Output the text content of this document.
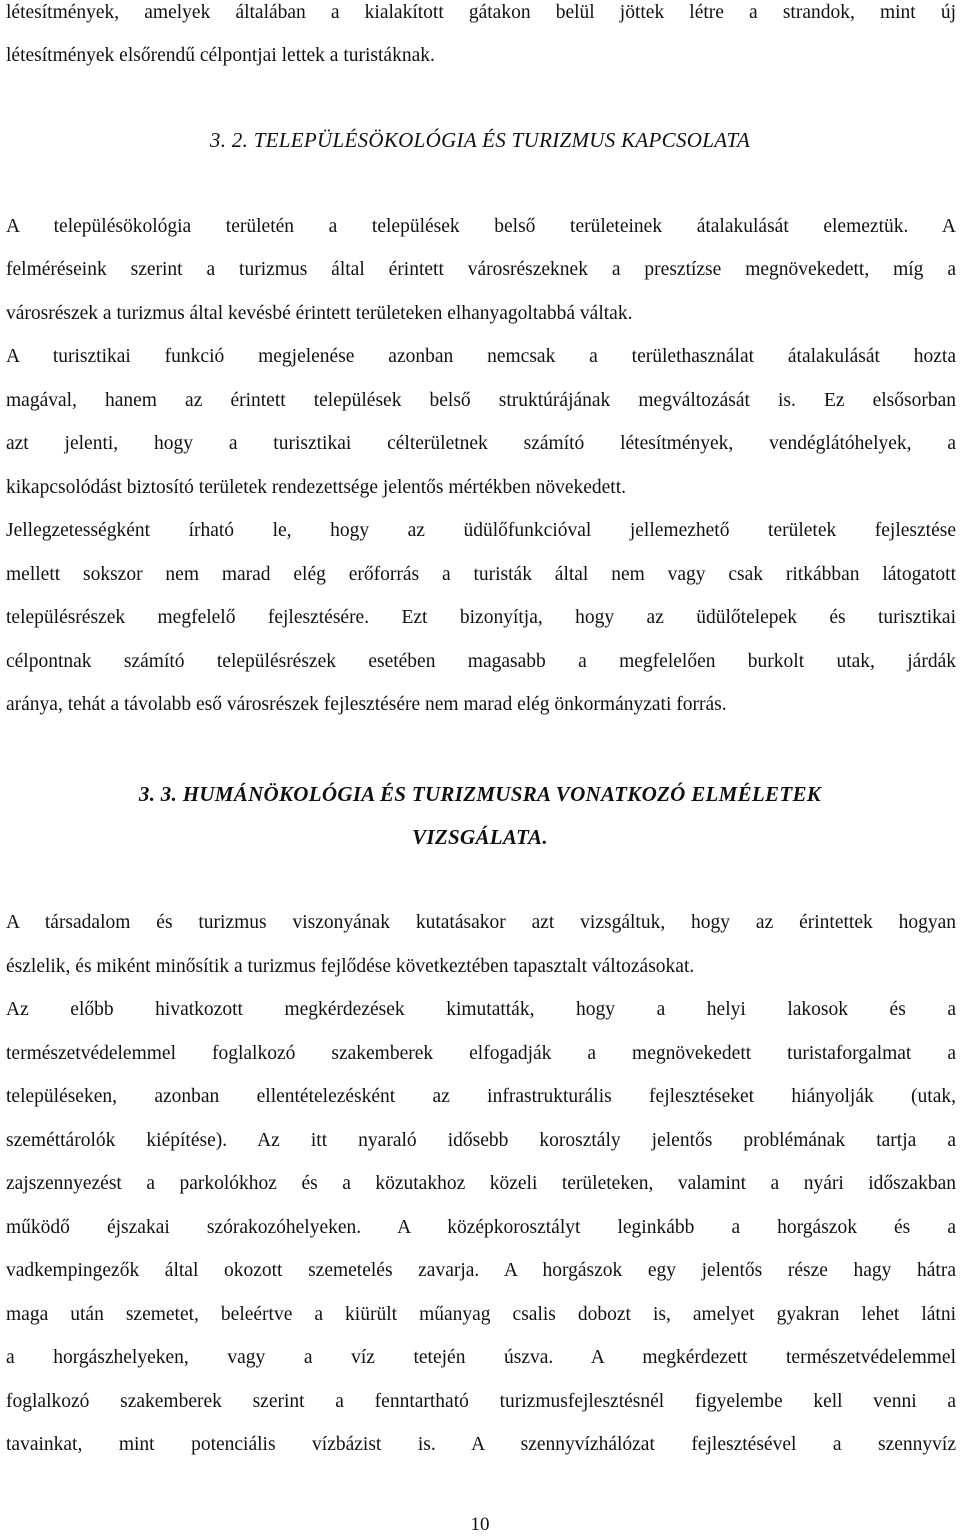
létesítmények, amelyek általában a kialakított gátakon belül jöttek létre a strandok, mint új
létesítmények elsőrendű célpontjai lettek a turistáknak.
3. 2. TELEPÜLÉSÖKOLÓGIA ÉS TURIZMUS KAPCSOLATA
A településökológia területén a települések belső területeinek átalakulását elemeztük. A
felméréseink szerint a turizmus által érintett városrészeknek a presztízse megnövekedett, míg a
városrészek a turizmus által kevésbé érintett területeken elhanyagoltabbá váltak.
A turisztikai funkció megjelenése azonban nemcsak a területhasználat átalakulását hozta
magával, hanem az érintett települések belső struktúrájának megváltozását is. Ez elsősorban
azt jelenti, hogy a turisztikai célterületnek számító létesítmények, vendéglátóhelyek, a
kikapcsolódást biztosító területek rendezettsége jelentős mértékben növekedett.
Jellegzetességként írható le, hogy az üdülőfunkcióval jellemezhető területek fejlesztése
mellett sokszor nem marad elég erőforrás a turisták által nem vagy csak ritkábban látogatott
településrészek megfelelő fejlesztésére. Ezt bizonyítja, hogy az üdülőtelepek és turisztikai
célpontnak számító településrészek esetében magasabb a megfelelően burkolt utak, járdák
aránya, tehát a távolabb eső városrészek fejlesztésére nem marad elég önkormányzati forrás.
3. 3. HUMÁNÖKOLÓGIA ÉS TURIZMUSRA VONATKOZÓ ELMÉLETEK
VIZSGÁLATA.
A társadalom és turizmus viszonyának kutatásakor azt vizsgáltuk, hogy az érintettek hogyan
észlelik, és miként minősítik a turizmus fejlődése következtében tapasztalt változásokat.
Az előbb hivatkozott megkérdezések kimutatták, hogy a helyi lakosok és a
természetvédelemmel foglalkozó szakemberek elfogadják a megnövekedett turistaforgalmat a
településeken, azonban ellentételezésként az infrastrukturális fejlesztéseket hiányolják (utak,
szeméttárolók kiépítése). Az itt nyaraló idősebb korosztály jelentős problémának tartja a
zajszennyezést a parkolókhoz és a közutakhoz közeli területeken, valamint a nyári időszakban
működő éjszakai szórakozóhelyeken. A középkorosztályt leginkább a horgászok és a
vadkempingezők által okozott szemetelés zavarja. A horgászok egy jelentős része hagy hátra
maga után szemetet, beleértve a kiürült műanyag csalis dobozt is, amelyet gyakran lehet látni
a horgászhelyeken, vagy a víz tetején úszva. A megkérdezett természetvédelemmel
foglalkozó szakemberek szerint a fenntartható turizmusfejlesztésnél figyelembe kell venni a
tavainkat, mint potenciális vízbázist is. A szennyvízhálózat fejlesztésével a szennyvíz
10
